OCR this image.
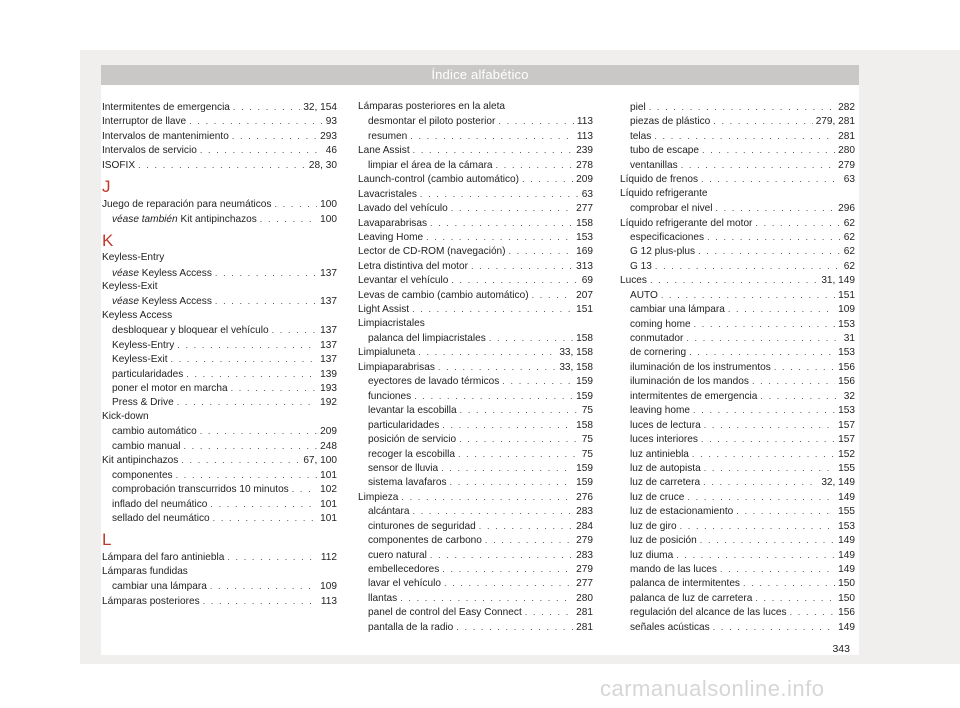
Índice alfabético
Intermitentes de emergencia . . .	32, 154
Interruptor de llave . . .	93
Intervalos de mantenimiento . . .	293
Intervalos de servicio . . .	46
ISOFIX . . .	28, 30
J
Juego de reparación para neumáticos . . .	100
véase también Kit antipinchazos . . .	100
K
Keyless-Entry
véase Keyless Access . . .	137
Keyless-Exit
véase Keyless Access . . .	137
Keyless Access
desbloquear y bloquear el vehículo . . .	137
Keyless-Entry . . .	137
Keyless-Exit . . .	137
particularidades . . .	139
poner el motor en marcha . . .	193
Press & Drive . . .	192
Kick-down
cambio automático . . .	209
cambio manual . . .	248
Kit antipinchazos . . .	67, 100
componentes . . .	101
comprobación transcurridos 10 minutos . . .	102
inflado del neumático . . .	101
sellado del neumático . . .	101
L
Lámpara del faro antiniebla . . .	112
Lámparas fundidas
cambiar una lámpara . . .	109
Lámparas posteriores . . .	113
Lámparas posteriores en la aleta
desmontar el piloto posterior . . .	113
resumen . . .	113
Lane Assist . . .	239
limpiar el área de la cámara . . .	278
Launch-control (cambio automático) . . .	209
Lavacristales . . .	63
Lavado del vehículo . . .	277
Lavaparabrisas . . .	158
Leaving Home . . .	153
Lector de CD-ROM (navegación) . . .	169
Letra distintiva del motor . . .	313
Levantar el vehículo . . .	69
Levas de cambio (cambio automático) . . .	207
Light Assist . . .	151
Limpiacristales
palanca del limpiacristales . . .	158
Limpialuneta . . .	33, 158
Limpiaparabrisas . . .	33, 158
eyectores de lavado térmicos . . .	159
funciones . . .	159
levantar la escobilla . . .	75
particularidades . . .	158
posición de servicio . . .	75
recoger la escobilla . . .	75
sensor de lluvia . . .	159
sistema lavafaros . . .	159
Limpieza . . .	276
alcántara . . .	283
cinturones de seguridad . . .	284
componentes de carbono . . .	279
cuero natural . . .	283
embellecedores . . .	279
lavar el vehículo . . .	277
llantas . . .	280
panel de control del Easy Connect . . .	281
pantalla de la radio . . .	281
piel . . .	282
piezas de plástico . . .	279, 281
telas . . .	281
tubo de escape . . .	280
ventanillas . . .	279
Líquido de frenos . . .	63
Líquido refrigerante
comprobar el nivel . . .	296
Líquido refrigerante del motor . . .	62
especificaciones . . .	62
G 12 plus-plus . . .	62
G 13 . . .	62
Luces . . .	31, 149
AUTO . . .	151
cambiar una lámpara . . .	109
coming home . . .	153
conmutador . . .	31
de cornering . . .	153
iluminación de los instrumentos . . .	156
iluminación de los mandos . . .	156
intermitentes de emergencia . . .	32
leaving home . . .	153
luces de lectura . . .	157
luces interiores . . .	157
luz antiniebla . . .	152
luz de autopista . . .	155
luz de carretera . . .	32, 149
luz de cruce . . .	149
luz de estacionamiento . . .	155
luz de giro . . .	153
luz de posición . . .	149
luz diuma . . .	149
mando de las luces . . .	149
palanca de intermitentes . . .	150
palanca de luz de carretera . . .	150
regulación del alcance de las luces . . .	156
señales acústicas . . .	149
343
carmanualsonline.info
